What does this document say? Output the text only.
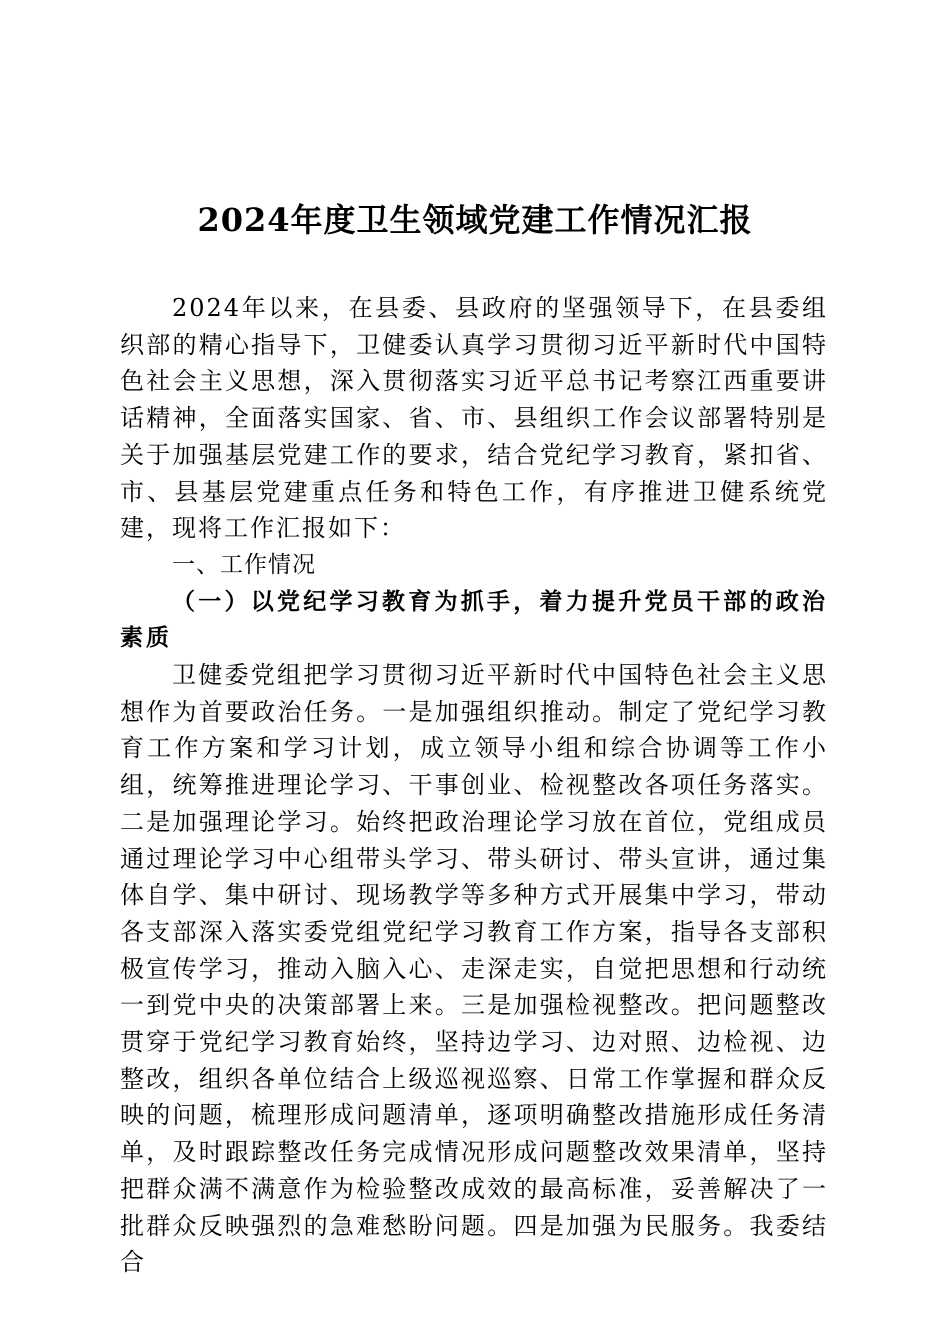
2024年度卫生领域党建工作情况汇报

2024年以来，在县委、县政府的坚强领导下，在县委组织部的精心指导下，卫健委认真学习贯彻习近平新时代中国特色社会主义思想，深入贯彻落实习近平总书记考察江西重要讲话精神，全面落实国家、省、市、县组织工作会议部署特别是关于加强基层党建工作的要求，结合党纪学习教育，紧扣省、市、县基层党建重点任务和特色工作，有序推进卫健系统党建，现将工作汇报如下：

一、工作情况
（一）以党纪学习教育为抓手，着力提升党员干部的政治素质

卫健委党组把学习贯彻习近平新时代中国特色社会主义思想作为首要政治任务。一是加强组织推动。制定了党纪学习教育工作方案和学习计划，成立领导小组和综合协调等工作小组，统筹推进理论学习、干事创业、检视整改各项任务落实。二是加强理论学习。始终把政治理论学习放在首位，党组成员通过理论学习中心组带头学习、带头研讨、带头宣讲，通过集体自学、集中研讨、现场教学等多种方式开展集中学习，带动各支部深入落实委党组党纪学习教育工作方案，指导各支部积极宣传学习，推动入脑入心、走深走实，自觉把思想和行动统一到党中央的决策部署上来。三是加强检视整改。把问题整改贯穿于党纪学习教育始终，坚持边学习、边对照、边检视、边整改，组织各单位结合上级巡视巡察、日常工作掌握和群众反映的问题，梳理形成问题清单，逐项明确整改措施形成任务清单，及时跟踪整改任务完成情况形成问题整改效果清单，坚持把群众满不满意作为检验整改成效的最高标准，妥善解决了一批群众反映强烈的急难愁盼问题。四是加强为民服务。我委结合
